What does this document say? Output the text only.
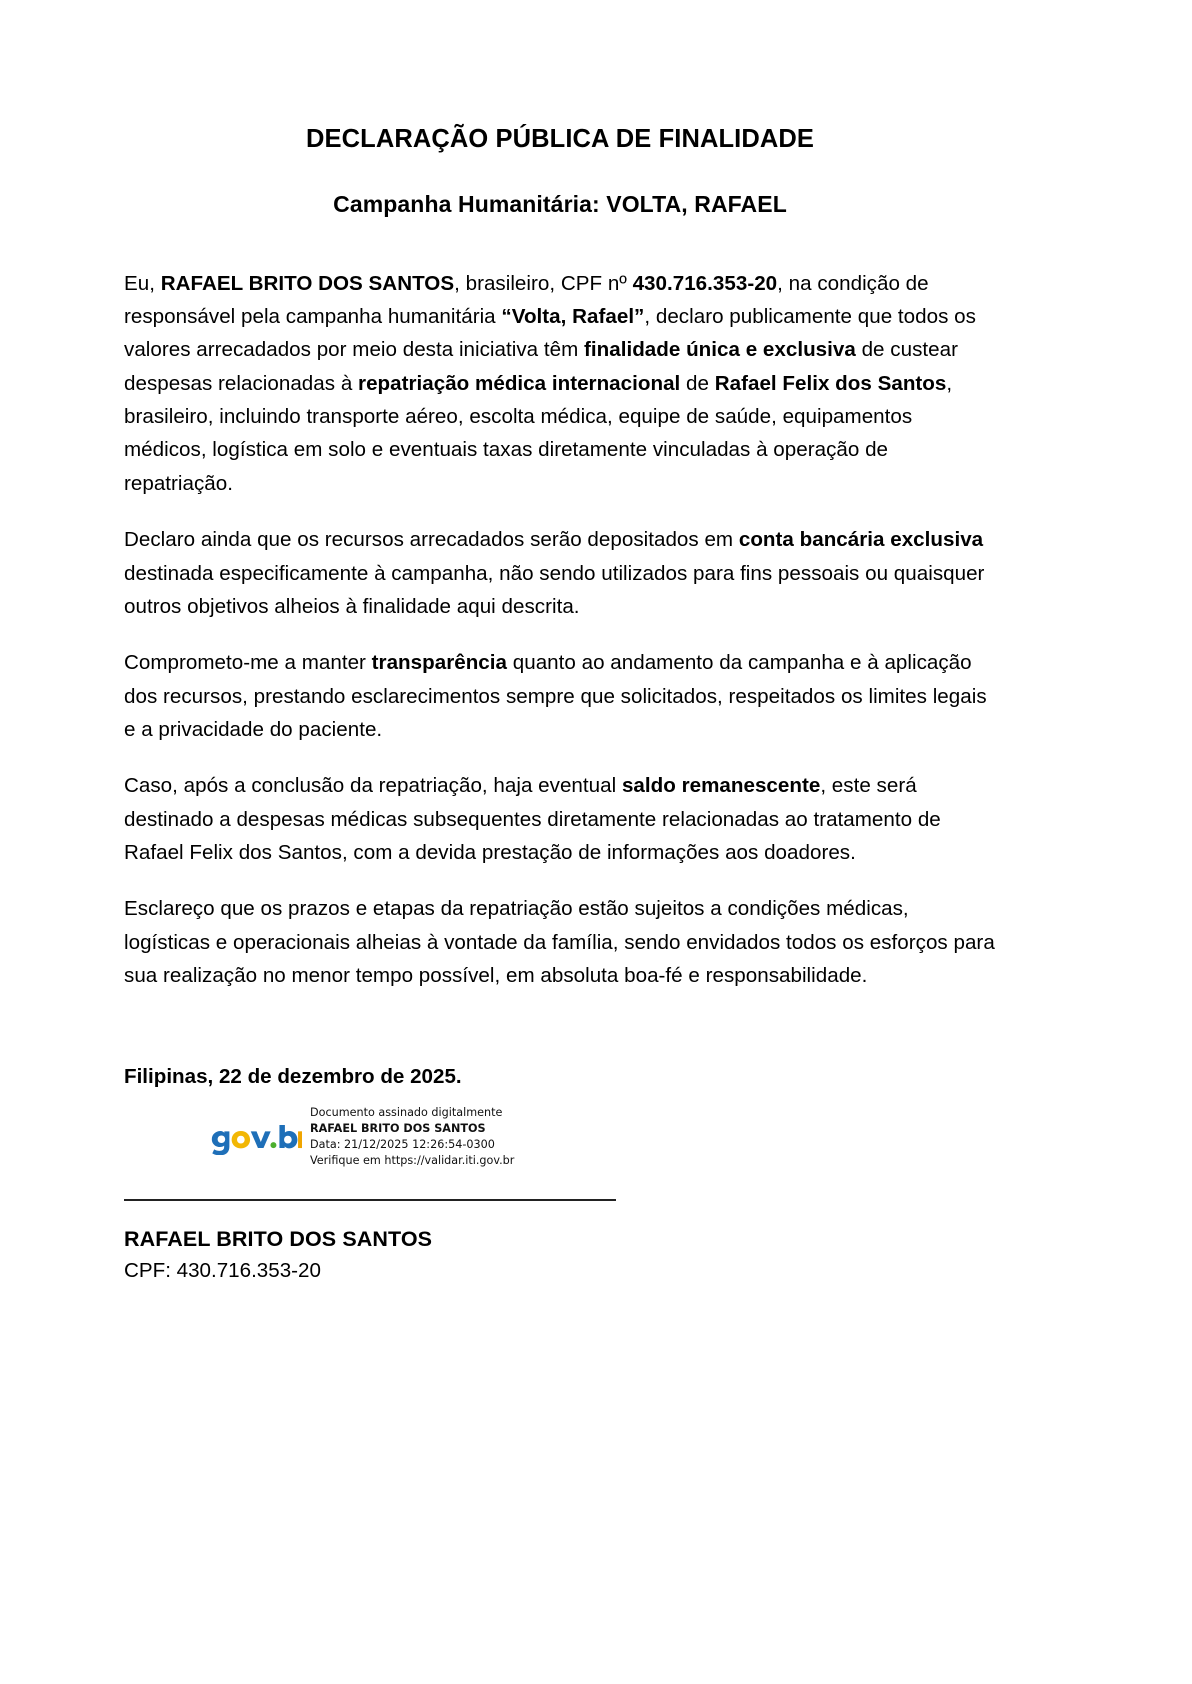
DECLARAÇÃO PÚBLICA DE FINALIDADE
Campanha Humanitária: VOLTA, RAFAEL

Eu, RAFAEL BRITO DOS SANTOS, brasileiro, CPF nº 430.716.353-20, na condição de responsável pela campanha humanitária “Volta, Rafael”, declaro publicamente que todos os valores arrecadados por meio desta iniciativa têm finalidade única e exclusiva de custear despesas relacionadas à repatriação médica internacional de Rafael Felix dos Santos, brasileiro, incluindo transporte aéreo, escolta médica, equipe de saúde, equipamentos médicos, logística em solo e eventuais taxas diretamente vinculadas à operação de repatriação.

Declaro ainda que os recursos arrecadados serão depositados em conta bancária exclusiva destinada especificamente à campanha, não sendo utilizados para fins pessoais ou quaisquer outros objetivos alheios à finalidade aqui descrita.

Comprometo-me a manter transparência quanto ao andamento da campanha e à aplicação dos recursos, prestando esclarecimentos sempre que solicitados, respeitados os limites legais e a privacidade do paciente.

Caso, após a conclusão da repatriação, haja eventual saldo remanescente, este será destinado a despesas médicas subsequentes diretamente relacionadas ao tratamento de Rafael Felix dos Santos, com a devida prestação de informações aos doadores.

Esclareço que os prazos e etapas da repatriação estão sujeitos a condições médicas, logísticas e operacionais alheias à vontade da família, sendo envidados todos os esforços para sua realização no menor tempo possível, em absoluta boa-fé e responsabilidade.

Filipinas, 22 de dezembro de 2025.

Documento assinado digitalmente
RAFAEL BRITO DOS SANTOS
Data: 21/12/2025 12:26:54-0300
Verifique em https://validar.iti.gov.br

RAFAEL BRITO DOS SANTOS

CPF: 430.716.353-20
